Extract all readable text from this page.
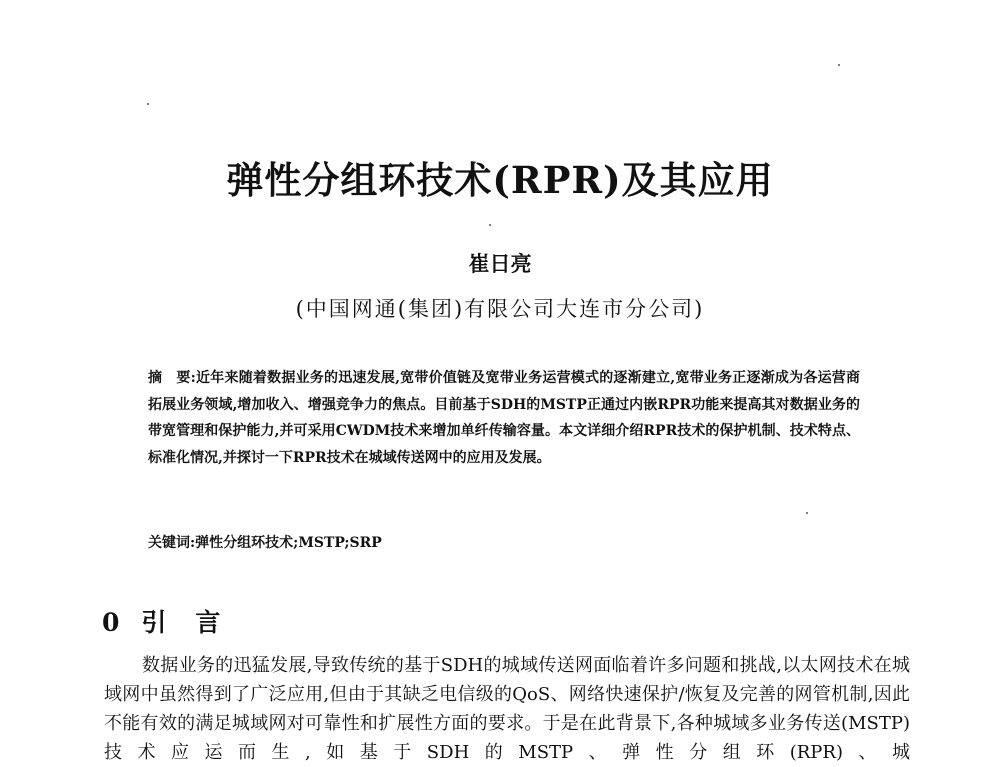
弹性分组环技术(RPR)及其应用
崔日亮
(中国网通(集团)有限公司大连市分公司)
摘　要:近年来随着数据业务的迅速发展,宽带价值链及宽带业务运营模式的逐渐建立,宽带业务正逐渐成为各运营商拓展业务领域,增加收入、增强竞争力的焦点。目前基于SDH的MSTP正通过内嵌RPR功能来提高其对数据业务的带宽管理和保护能力,并可采用CWDM技术来增加单纤传输容量。本文详细介绍RPR技术的保护机制、技术特点、标准化情况,并探讨一下RPR技术在城域传送网中的应用及发展。
关键词:弹性分组环技术;MSTP;SRP
0 引　言
数据业务的迅猛发展,导致传统的基于SDH的城域传送网面临着许多问题和挑战,以太网技术在城域网中虽然得到了广泛应用,但由于其缺乏电信级的QoS、网络快速保护/恢复及完善的网管机制,因此不能有效的满足城域网对可靠性和扩展性方面的要求。于是在此背景下,各种城域多业务传送(MSTP)技术应运而生,如基于SDH的MSTP、弹性分组环(RPR)、城
